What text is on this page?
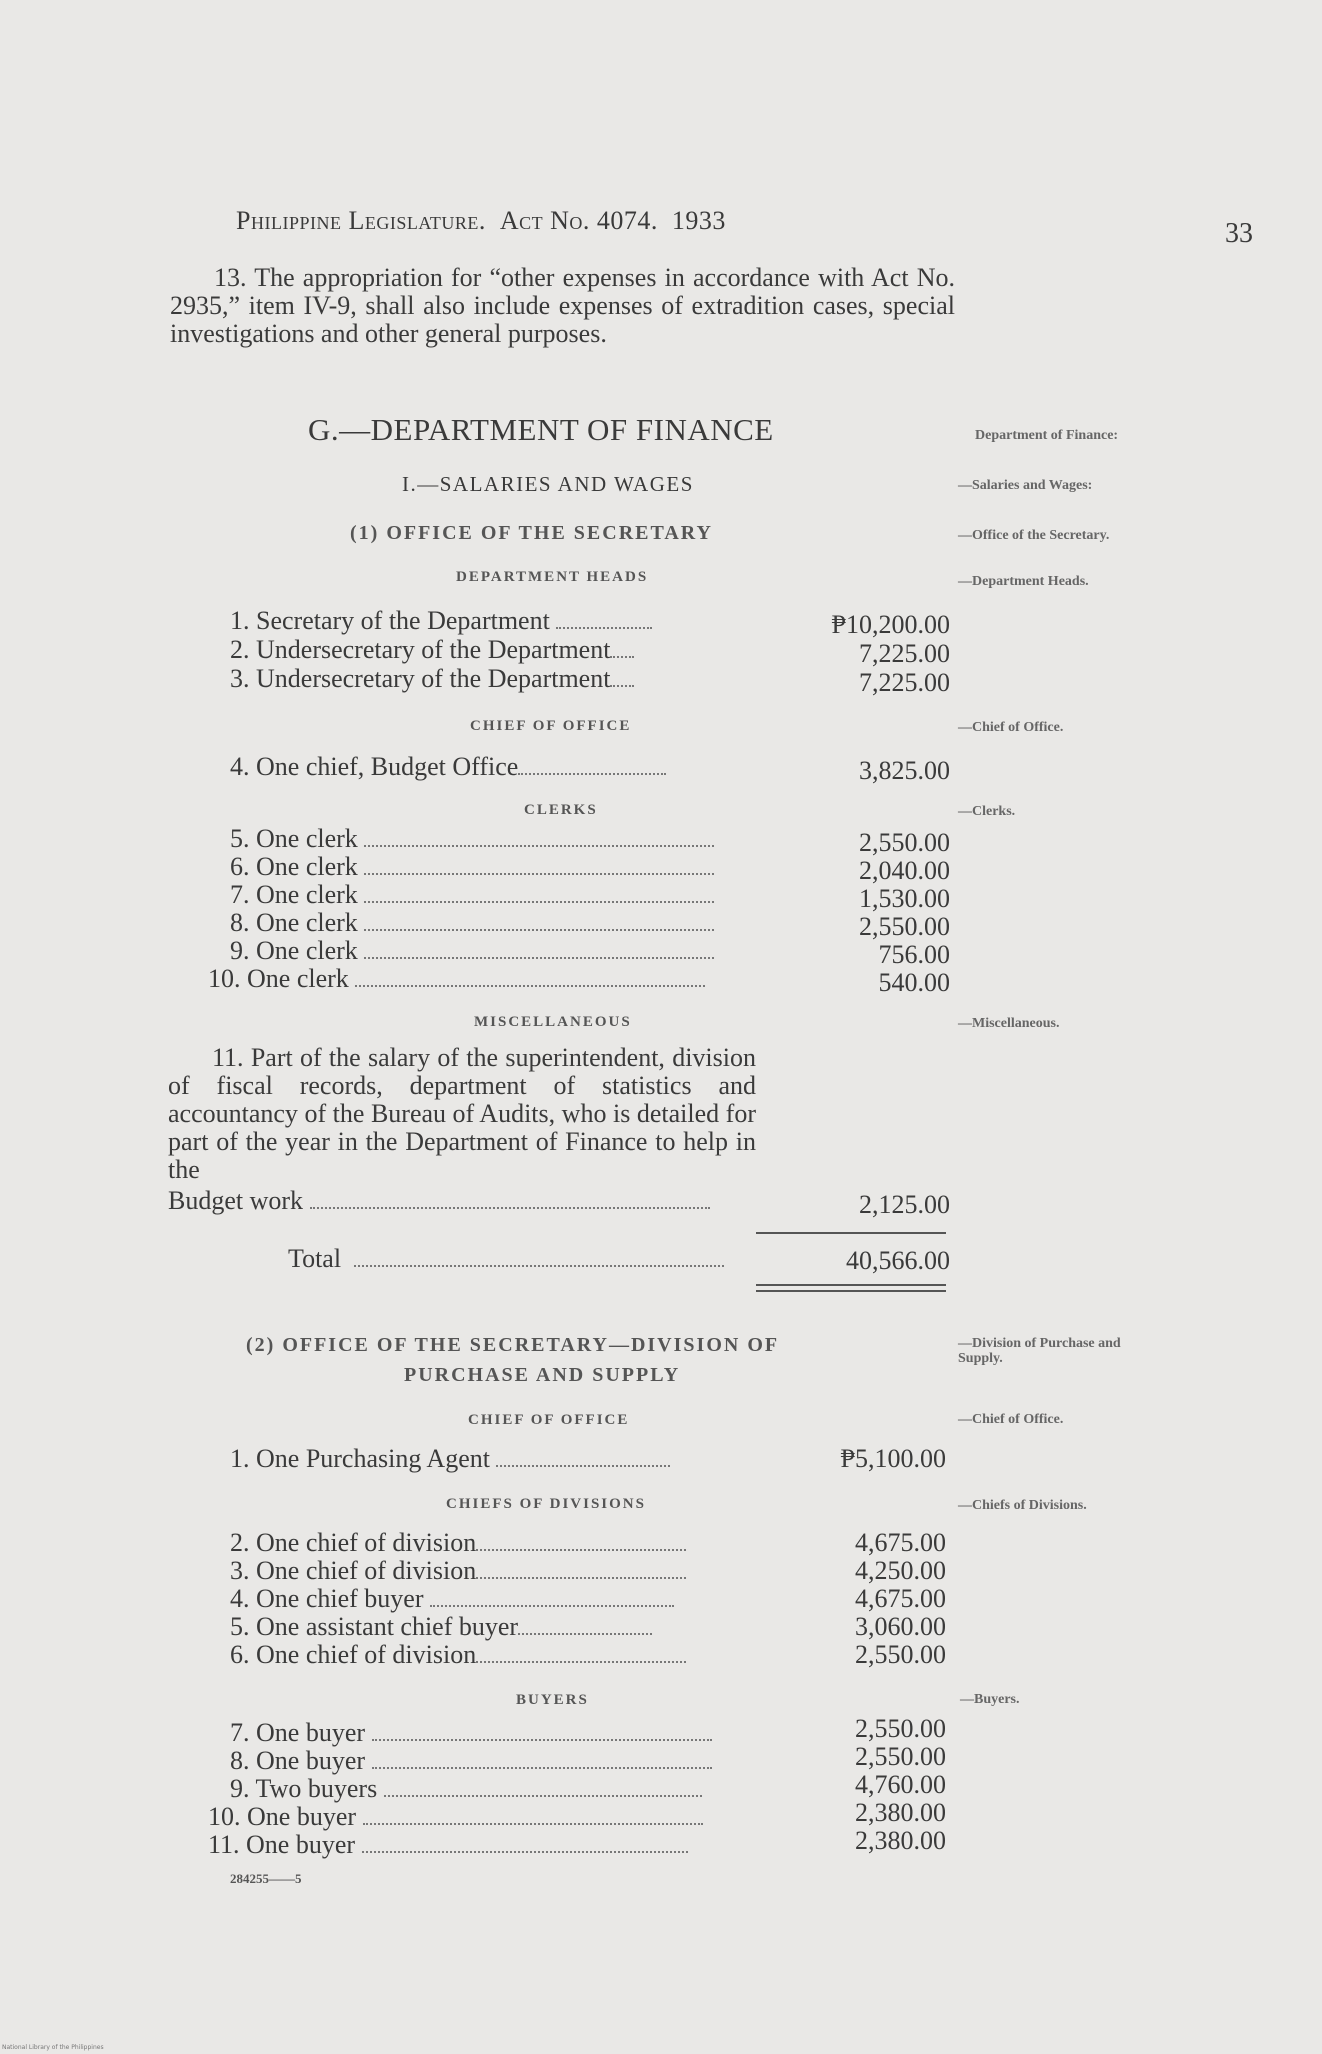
Philippine Legislature. Act No. 4074. 1933	33
13. The appropriation for “other expenses in accordance with Act No. 2935,” item IV-9, shall also include expenses of extradition cases, special investigations and other general purposes.
G.—DEPARTMENT OF FINANCE	Department of Finance:
I.—SALARIES AND WAGES	—Salaries and Wages:
(1) OFFICE OF THE SECRETARY	—Office of the Secretary.
DEPARTMENT HEADS	—Department Heads.
1. Secretary of the Department	₱10,200.00
2. Undersecretary of the Department	7,225.00
3. Undersecretary of the Department	7,225.00
CHIEF OF OFFICE	—Chief of Office.
4. One chief, Budget Office	3,825.00
CLERKS	—Clerks.
5. One clerk	2,550.00
6. One clerk	2,040.00
7. One clerk	1,530.00
8. One clerk	2,550.00
9. One clerk	756.00
10. One clerk	540.00
MISCELLANEOUS	—Miscellaneous.
11. Part of the salary of the superintendent, division of fiscal records, department of statistics and accountancy of the Bureau of Audits, who is detailed for part of the year in the Department of Finance to help in the
Budget work	2,125.00
Total	40,566.00
(2) OFFICE OF THE SECRETARY—DIVISION OF
PURCHASE AND SUPPLY
—Division of Purchase and Supply.
CHIEF OF OFFICE	—Chief of Office.
1. One Purchasing Agent	₱5,100.00
CHIEFS OF DIVISIONS	—Chiefs of Divisions.
2. One chief of division	4,675.00
3. One chief of division	4,250.00
4. One chief buyer	4,675.00
5. One assistant chief buyer	3,060.00
6. One chief of division	2,550.00
BUYERS	—Buyers.
7. One buyer	2,550.00
8. One buyer	2,550.00
9. Two buyers	4,760.00
10. One buyer	2,380.00
11. One buyer	2,380.00
284255——5
National Library of the Philippines
